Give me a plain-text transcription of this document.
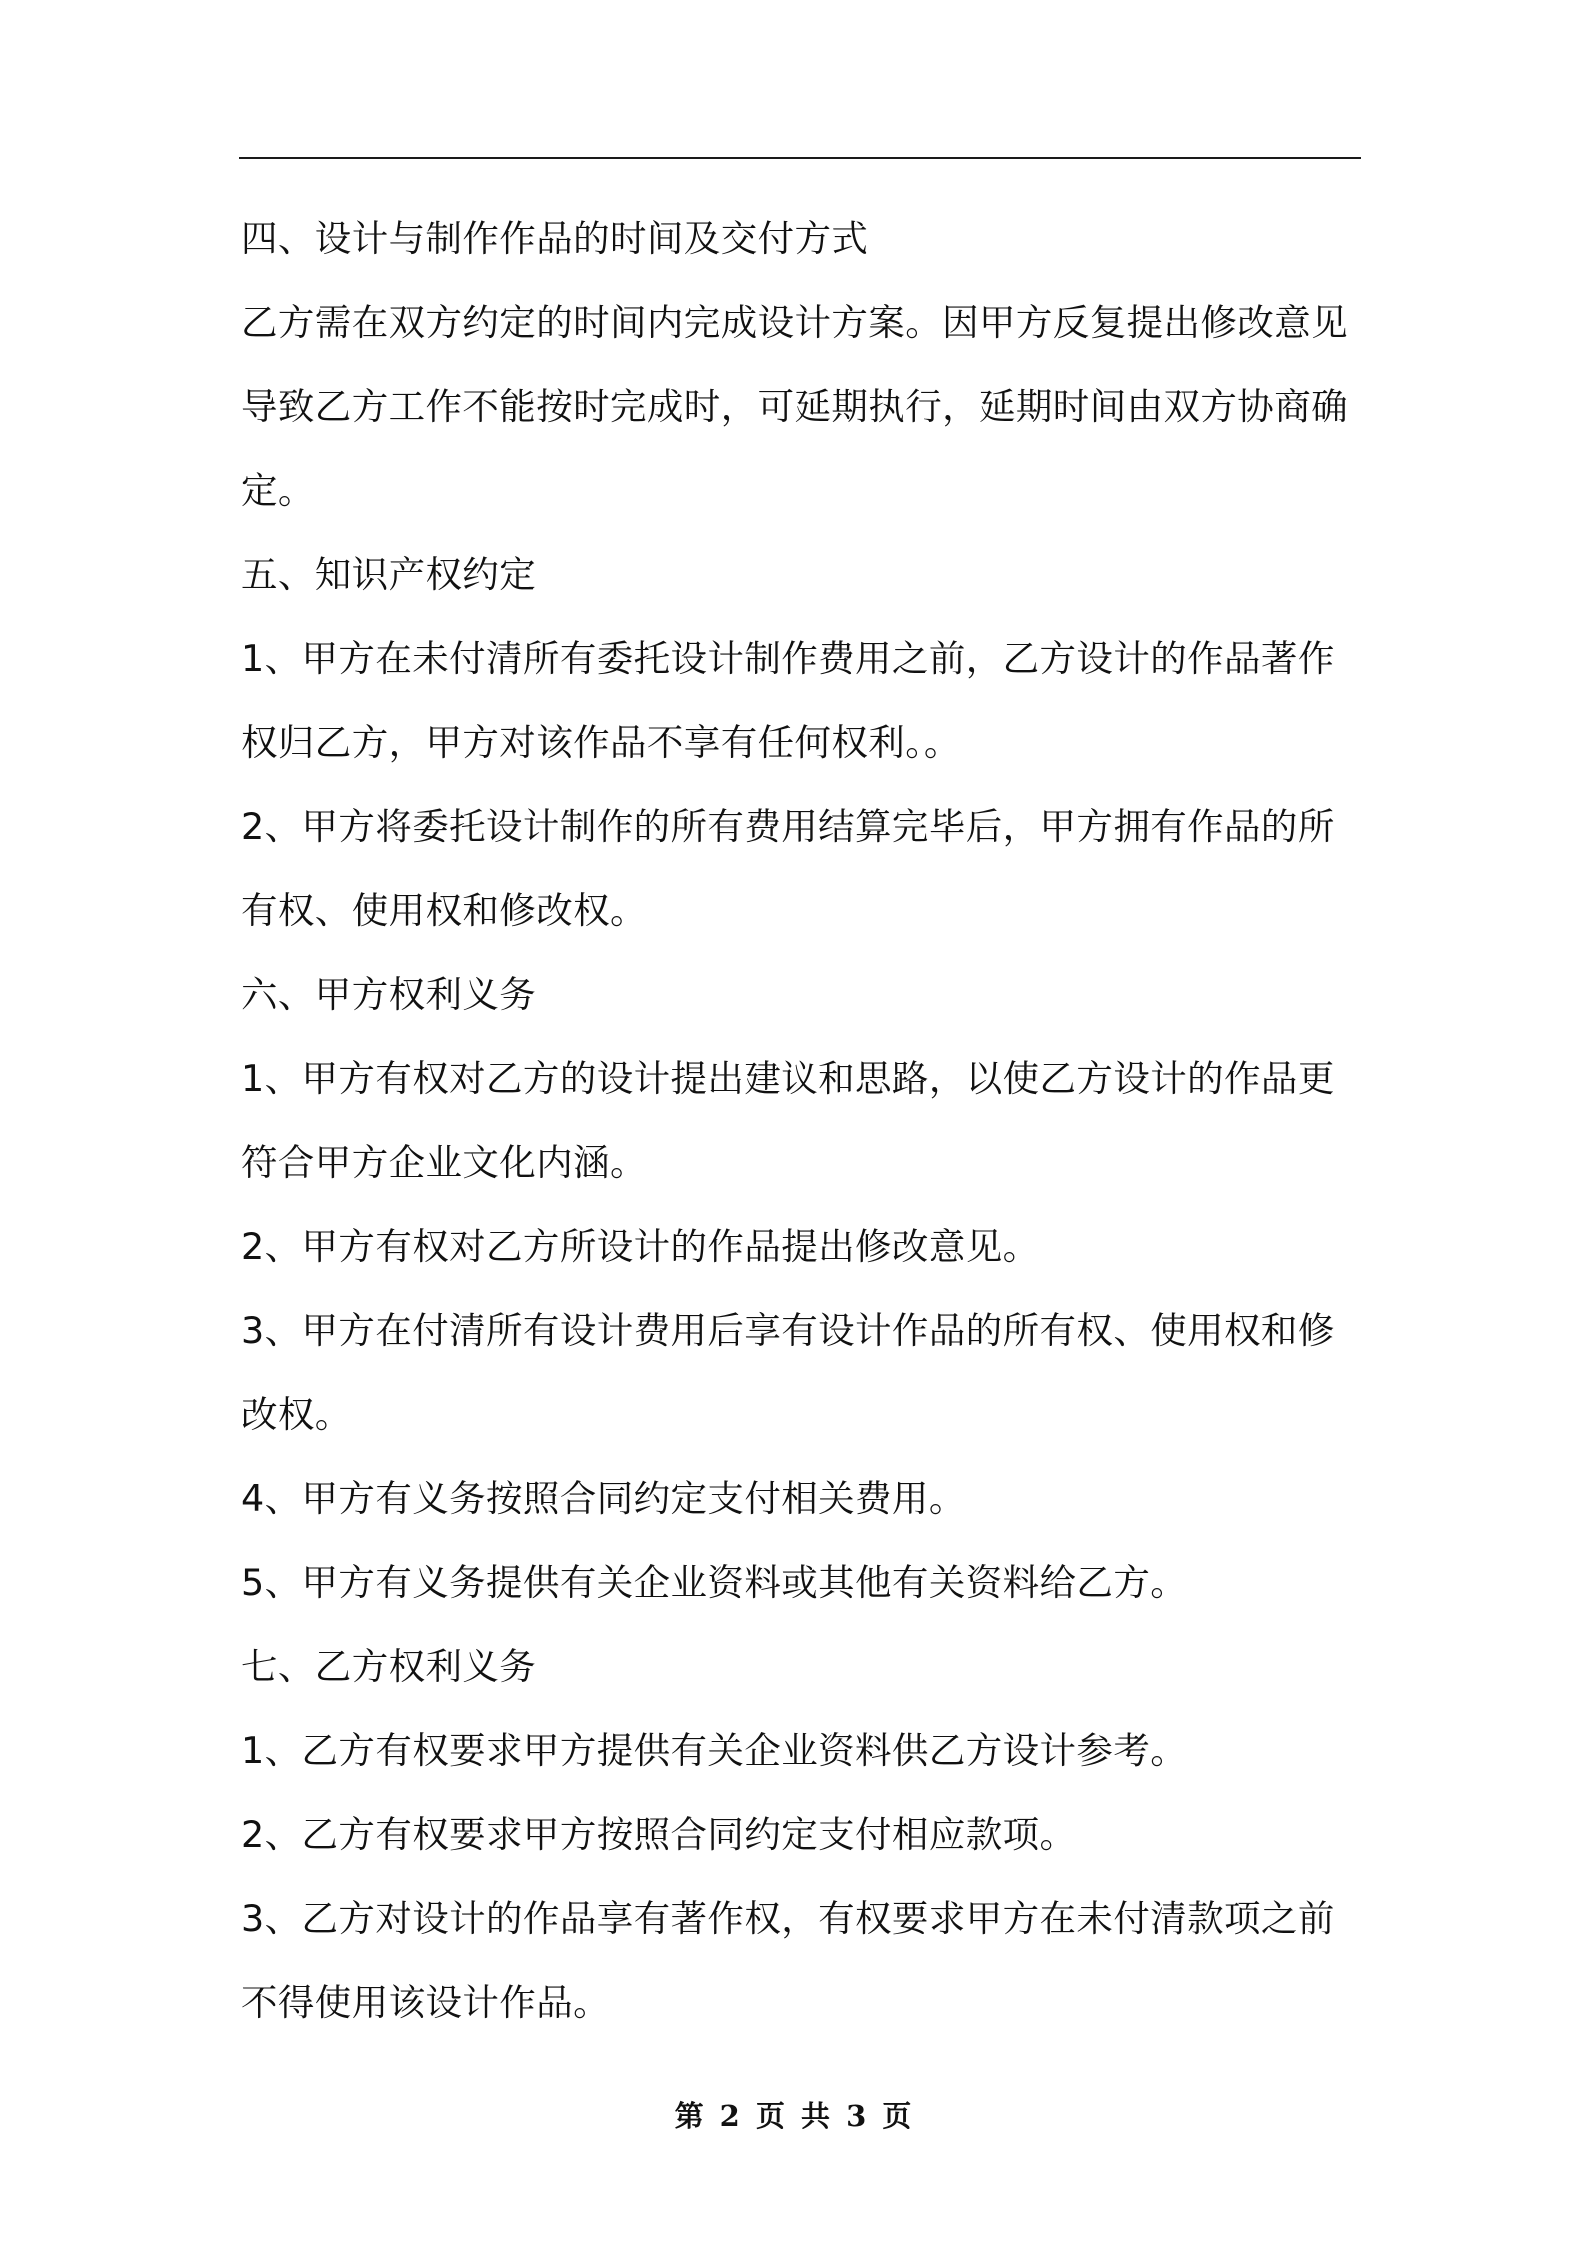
四、设计与制作作品的时间及交付方式
乙方需在双方约定的时间内完成设计方案。因甲方反复提出修改意见
导致乙方工作不能按时完成时，可延期执行，延期时间由双方协商确
定。
五、知识产权约定
1、甲方在未付清所有委托设计制作费用之前，乙方设计的作品著作
权归乙方，甲方对该作品不享有任何权利。。
2、甲方将委托设计制作的所有费用结算完毕后，甲方拥有作品的所
有权、使用权和修改权。
六、甲方权利义务
1、甲方有权对乙方的设计提出建议和思路，以使乙方设计的作品更
符合甲方企业文化内涵。
2、甲方有权对乙方所设计的作品提出修改意见。
3、甲方在付清所有设计费用后享有设计作品的所有权、使用权和修
改权。
4、甲方有义务按照合同约定支付相关费用。
5、甲方有义务提供有关企业资料或其他有关资料给乙方。
七、乙方权利义务
1、乙方有权要求甲方提供有关企业资料供乙方设计参考。
2、乙方有权要求甲方按照合同约定支付相应款项。
3、乙方对设计的作品享有著作权，有权要求甲方在未付清款项之前
不得使用该设计作品。
第 2 页 共 3 页
